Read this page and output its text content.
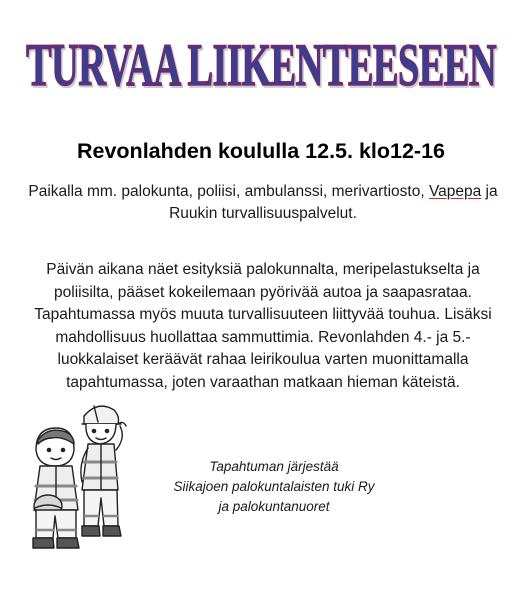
TURVAA LIIKENTEESEEN
Revonlahden koululla 12.5. klo12-16
Paikalla mm. palokunta, poliisi, ambulanssi, merivartiosto, Vapepa ja Ruukin turvallisuuspalvelut.
Päivän aikana näet esityksiä palokunnalta, meripelastukselta ja poliisilta, pääset kokeilemaan pyörivää autoa ja saapasrataa. Tapahtumassa myös muuta turvallisuuteen liittyvää touhua. Lisäksi mahdollisuus huollattaa sammuttimia. Revonlahden 4.- ja 5.-luokkalaiset keräävät rahaa leirikoulua varten muonittamalla tapahtumassa, joten varaathan matkaan hieman käteistä.
Tapahtuman järjestää
Siikajoen palokuntalaisten tuki Ry
ja palokuntanuoret
